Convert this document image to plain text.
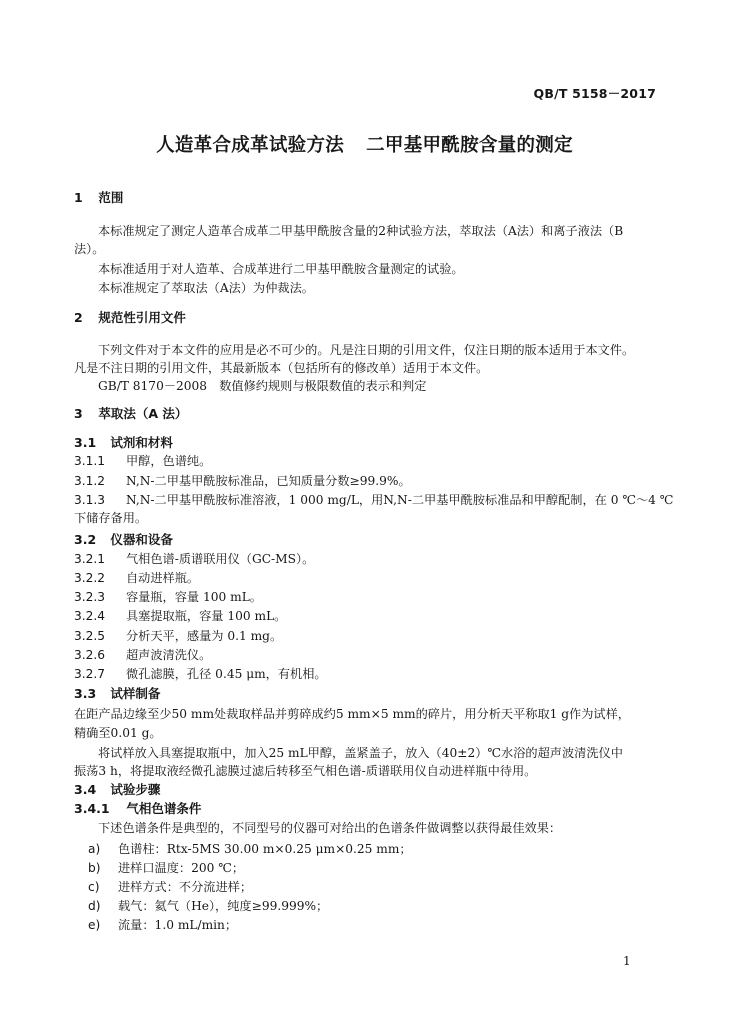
QB/T 5158－2017
人造革合成革试验方法 二甲基甲酰胺含量的测定
1 范围
本标准规定了测定人造革合成革二甲基甲酰胺含量的2种试验方法，萃取法（A法）和离子液法（B
法）。
本标准适用于对人造革、合成革进行二甲基甲酰胺含量测定的试验。
本标准规定了萃取法（A法）为仲裁法。
2 规范性引用文件
下列文件对于本文件的应用是必不可少的。凡是注日期的引用文件，仅注日期的版本适用于本文件。
凡是不注日期的引用文件，其最新版本（包括所有的修改单）适用于本文件。
GB/T 8170－2008　数值修约规则与极限数值的表示和判定
3 萃取法（A 法）
3.1 试剂和材料
3.1.1 甲醇，色谱纯。
3.1.2 N,N-二甲基甲酰胺标准品，已知质量分数≥99.9%。
3.1.3 N,N-二甲基甲酰胺标准溶液，1 000 mg/L，用N,N-二甲基甲酰胺标准品和甲醇配制，在 0 ℃～4 ℃
下储存备用。
3.2 仪器和设备
3.2.1 气相色谱-质谱联用仪（GC-MS）。
3.2.2 自动进样瓶。
3.2.3 容量瓶，容量 100 mL。
3.2.4 具塞提取瓶，容量 100 mL。
3.2.5 分析天平，感量为 0.1 mg。
3.2.6 超声波清洗仪。
3.2.7 微孔滤膜，孔径 0.45 μm，有机相。
3.3 试样制备
在距产品边缘至少50 mm处裁取样品并剪碎成约5 mm×5 mm的碎片，用分析天平称取1 g作为试样，
精确至0.01 g。
将试样放入具塞提取瓶中，加入25 mL甲醇，盖紧盖子，放入（40±2）℃水浴的超声波清洗仪中
振荡3 h，将提取液经微孔滤膜过滤后转移至气相色谱-质谱联用仪自动进样瓶中待用。
3.4 试验步骤
3.4.1 气相色谱条件
下述色谱条件是典型的，不同型号的仪器可对给出的色谱条件做调整以获得最佳效果：
a) 色谱柱：Rtx-5MS 30.00 m×0.25 μm×0.25 mm；
b) 进样口温度：200 ℃；
c) 进样方式：不分流进样；
d) 载气：氦气（He），纯度≥99.999%；
e) 流量：1.0 mL/min；
1
